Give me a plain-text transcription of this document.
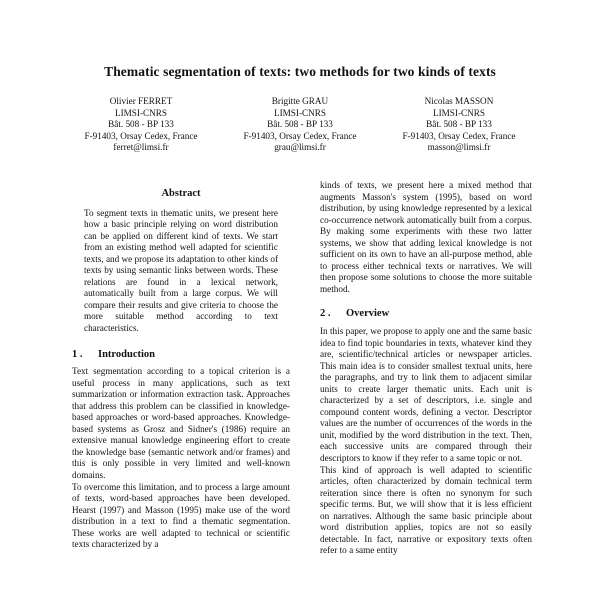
Thematic segmentation of texts: two methods for two kinds of texts
Olivier FERRET
LIMSI-CNRS
Bât. 508 - BP 133
F-91403, Orsay Cedex, France
ferret@limsi.fr
Brigitte GRAU
LIMSI-CNRS
Bât. 508 - BP 133
F-91403, Orsay Cedex, France
grau@limsi.fr
Nicolas MASSON
LIMSI-CNRS
Bât. 508 - BP 133
F-91403, Orsay Cedex, France
masson@limsi.fr
Abstract

To segment texts in thematic units, we present here how a basic principle relying on word distribution can be applied on different kind of texts. We start from an existing method well adapted for scientific texts, and we propose its adaptation to other kinds of texts by using semantic links between words. These relations are found in a lexical network, automatically built from a large corpus. We will compare their results and give criteria to choose the more suitable method according to text characteristics.

1 . Introduction

Text segmentation according to a topical criterion is a useful process in many applications, such as text summarization or information extraction task. Approaches that address this problem can be classified in knowledge-based approaches or word-based approaches. Knowledge-based systems as Grosz and Sidner's (1986) require an extensive manual knowledge engineering effort to create the knowledge base (semantic network and/or frames) and this is only possible in very limited and well-known domains.

To overcome this limitation, and to process a large amount of texts, word-based approaches have been developed. Hearst (1997) and Masson (1995) make use of the word distribution in a text to find a thematic segmentation. These works are well adapted to technical or scientific texts characterized by a

kinds of texts, we present here a mixed method that augments Masson's system (1995), based on word distribution, by using knowledge represented by a lexical co-occurrence network automatically built from a corpus. By making some experiments with these two latter systems, we show that adding lexical knowledge is not sufficient on its own to have an all-purpose method, able to process either technical texts or narratives. We will then propose some solutions to choose the more suitable method.

2 . Overview

In this paper, we propose to apply one and the same basic idea to find topic boundaries in texts, whatever kind they are, scientific/technical articles or newspaper articles. This main idea is to consider smallest textual units, here the paragraphs, and try to link them to adjacent similar units to create larger thematic units. Each unit is characterized by a set of descriptors, i.e. single and compound content words, defining a vector. Descriptor values are the number of occurrences of the words in the unit, modified by the word distribution in the text. Then, each successive units are compared through their descriptors to know if they refer to a same topic or not.

This kind of approach is well adapted to scientific articles, often characterized by domain technical term reiteration since there is often no synonym for such specific terms. But, we will show that it is less efficient on narratives. Although the same basic principle about word distribution applies, topics are not so easily detectable. In fact, narrative or expository texts often refer to a same entity
